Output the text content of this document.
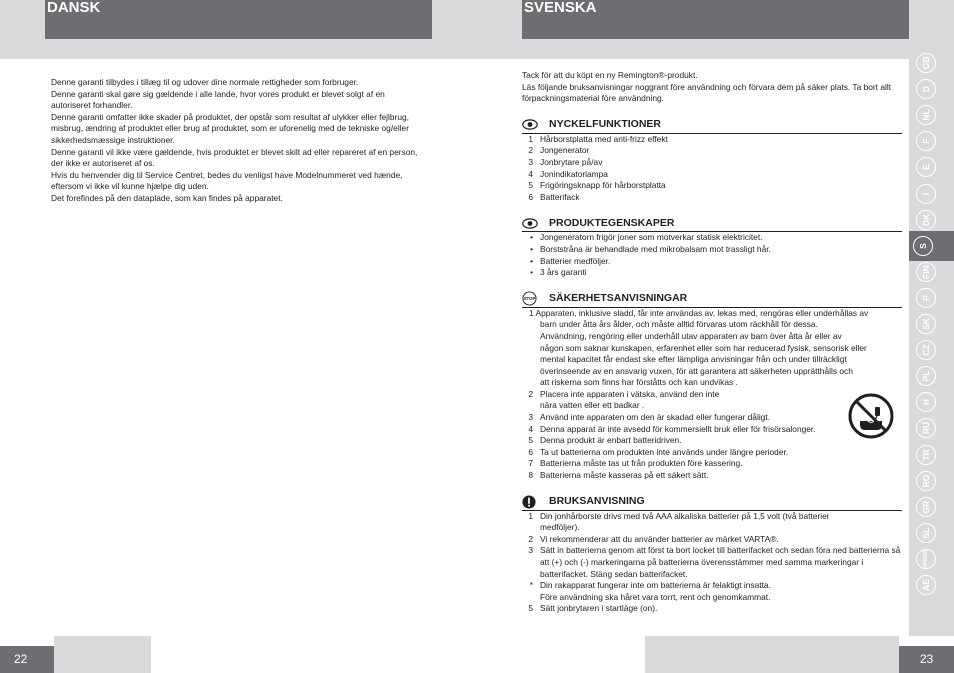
DANSK

Denne garanti tilbydes i tillæg til og udover dine normale rettigheder som forbruger.

Denne garanti skal gøre sig gældende i alle lande, hvor vores produkt er blevet solgt af en autoriseret forhandler.

Denne garanti omfatter ikke skader på produktet, der opstår som resultat af ulykker eller fejlbrug, misbrug, ændring af produktet eller brug af produktet, som er uforenelig med de tekniske og/eller sikkerhedsmæssige instruktioner.

Denne garanti vil ikke være gældende, hvis produktet er blevet skilt ad eller repareret af en person, der ikke er autoriseret af os.

Hvis du henvender dig til Service Centret, bedes du venligst have Modelnummeret ved hænde, eftersom vi ikke vil kunne hjælpe dig uden.

Det forefindes på den dataplade, som kan findes på apparatet.

22
SVENSKA

Tack för att du köpt en ny Remington®-produkt.

Läs följande bruksanvisningar noggrant före användning och förvara dem på säker plats. Ta bort allt förpackningsmaterial före användning.

NYCKELFUNKTIONER
1 Hårborstplatta med anti-frizz effekt
2 Jongenerator
3 Jonbrytare på/av
4 Jonindikatorlampa
5 Frigöringsknapp för hårborstplatta
6 Batterifack
PRODUKTEGENSKAPER
• Jongeneratorn frigör joner som motverkar statisk elektricitet.
• Borststråna är behandlade med mikrobalsam mot trassligt hår.
• Batterier medföljer.
• 3 års garanti
STOP SÄKERHETSANVISNINGAR
1 Apparaten, inklusive sladd, får inte användas av, lekas med, rengöras eller underhållas av
barn under åtta års ålder, och måste alltid förvaras utom räckhåll för dessa.
Användning, rengöring eller underhåll utav apparaten av barn över åtta år eller av
någon som saknar kunskapen, erfarenhet eller som har reducerad fysisk, sensorisk eller
mental kapacitet får endast ske efter lämpliga anvisningar från och under tillräckligt
överinseende av en ansvarig vuxen, för att garantera att säkerheten upprätthålls och
att riskerna som finns har förståtts och kan undvikas .
2 Placera inte apparaten i vätska, använd den inte
nära vatten eller ett badkar .
3 Använd inte apparaten om den är skadad eller fungerar dåligt.
4 Denna apparat är inte avsedd för kommersiellt bruk eller för frisörsalonger.
5 Denna produkt är enbart batteridriven.
6 Ta ut batterierna om produkten inte används under längre perioder.
7 Batterierna måste tas ut från produkten före kassering.
8 Batterierna måste kasseras på ett säkert sätt.
BRUKSANVISNING
1 Din jonhårborste drivs med två AAA alkaliska batterier på 1,5 volt (två batterier
medföljer).
2 Vi rekommenderar att du använder batterier av märket VARTA®.
3 Sätt in batterierna genom att först ta bort locket till batterifacket och sedan föra ned batterierna så att (+) och (-) markeringarna på batterierna överensstämmer med samma markeringar i batterifacket. Stäng sedan batterifacket.
* Din rakapparat fungerar inte om batterierna är felaktigt insatta.
Före användning ska håret vara torrt, rent och genomkammat.
5 Sätt jonbrytaren i startläge (on).
GB
D
NL
F
E
I
DK
S
FIN
P
SK
CZ
PL
H
RU
TR
RO
GR
SL
HR/SRB
AE
23
